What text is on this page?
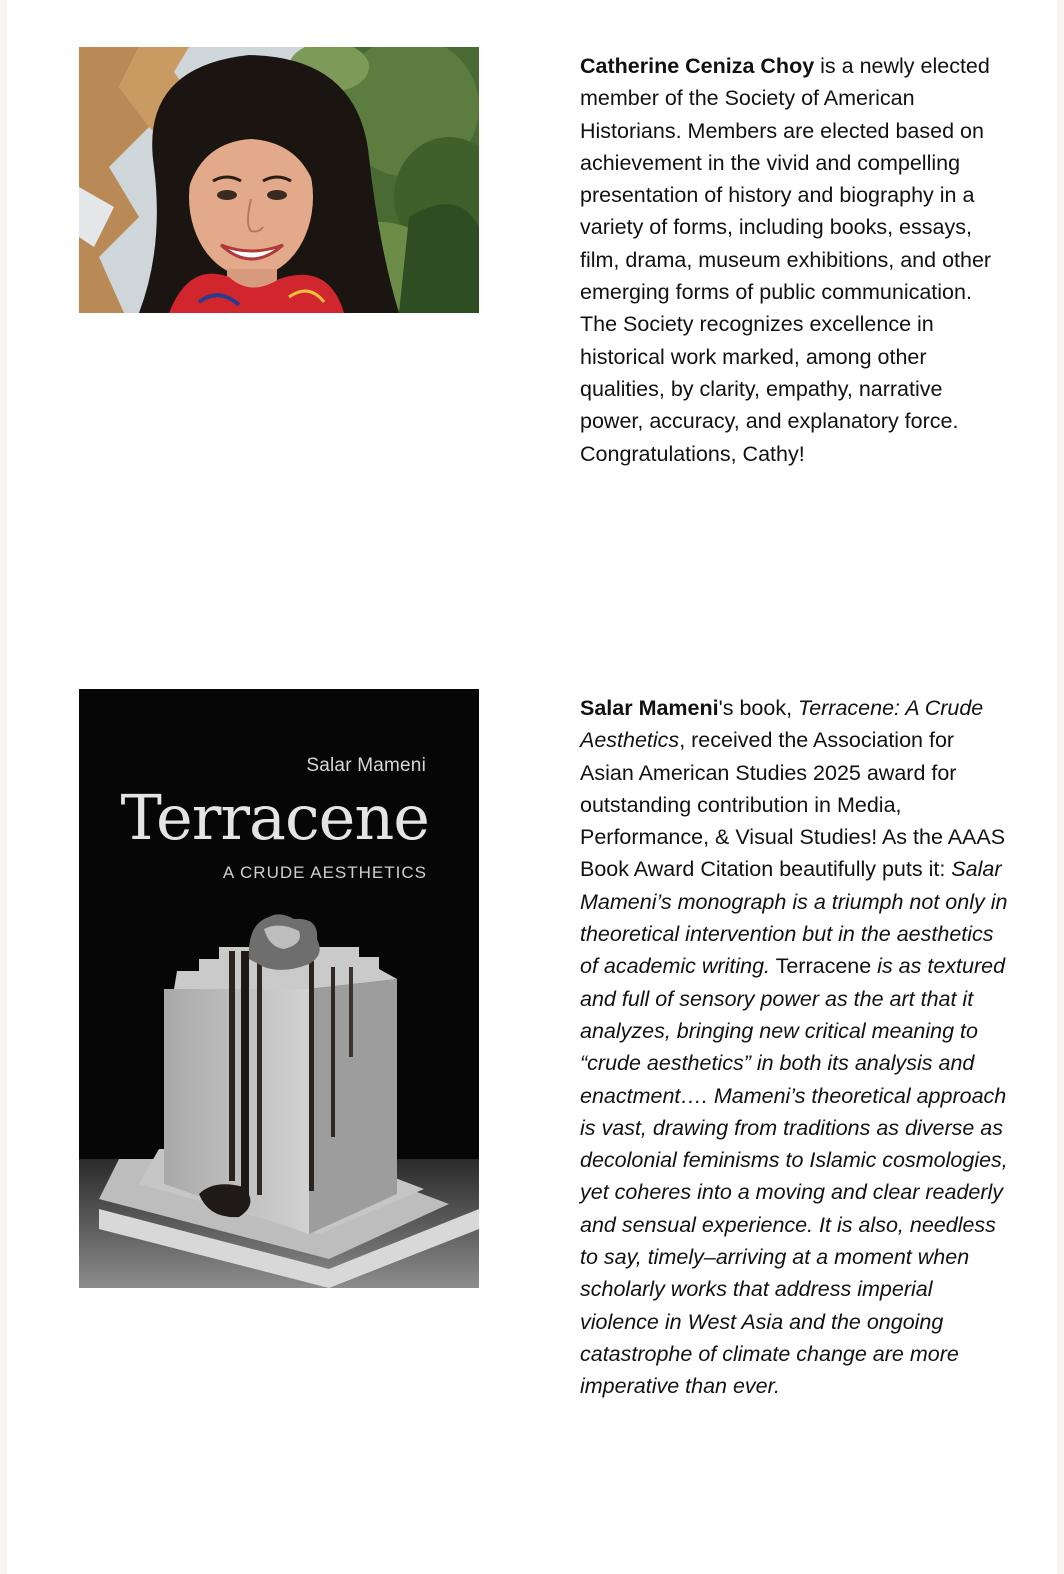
Catherine Ceniza Choy is a newly elected member of the Society of American Historians. Members are elected based on achievement in the vivid and compelling presentation of history and biography in a variety of forms, including books, essays, film, drama, museum exhibitions, and other emerging forms of public communication. The Society recognizes excellence in historical work marked, among other qualities, by clarity, empathy, narrative power, accuracy, and explanatory force. Congratulations, Cathy!
Salar Mameni
Terracene
A CRUDE AESTHETICS
Salar Mameni's book, Terracene: A Crude Aesthetics, received the Association for Asian American Studies 2025 award for outstanding contribution in Media, Performance, & Visual Studies! As the AAAS Book Award Citation beautifully puts it: Salar Mameni’s monograph is a triumph not only in theoretical intervention but in the aesthetics of academic writing. Terracene is as textured and full of sensory power as the art that it analyzes, bringing new critical meaning to “crude aesthetics” in both its analysis and enactment…. Mameni’s theoretical approach is vast, drawing from traditions as diverse as decolonial feminisms to Islamic cosmologies, yet coheres into a moving and clear readerly and sensual experience. It is also, needless to say, timely–arriving at a moment when scholarly works that address imperial violence in West Asia and the ongoing catastrophe of climate change are more imperative than ever.
